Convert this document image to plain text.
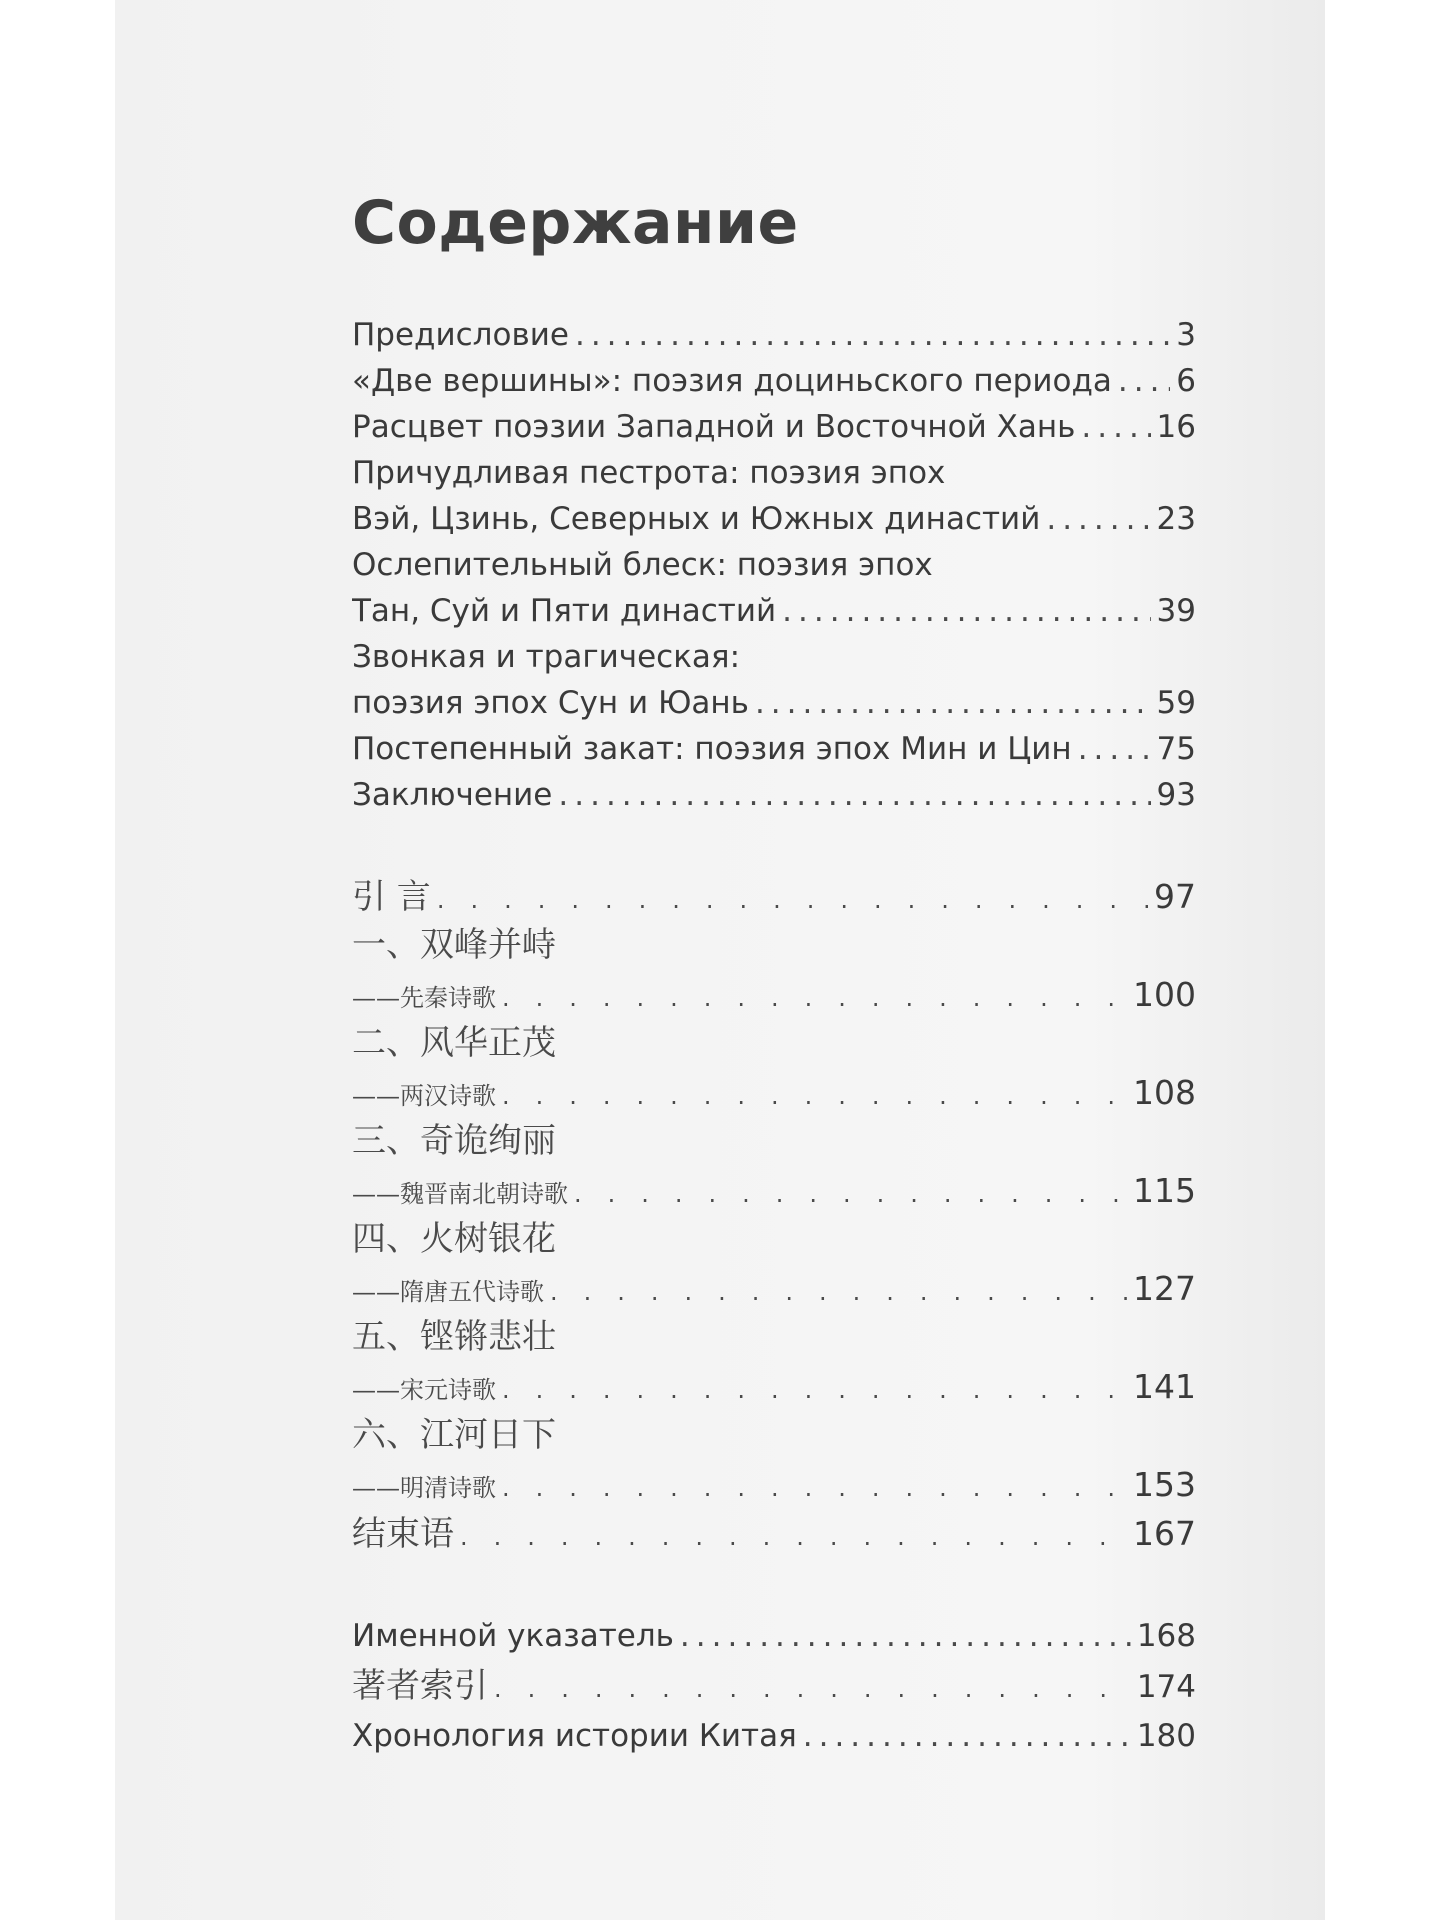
Содержание
Предисловие .....	3
«Две вершины»: поэзия доциньского периода ..... 6
Расцвет поэзии Западной и Восточной Хань .....	16
Причудливая пестрота: поэзия эпох
Вэй, Цзинь, Северных и Южных династий .....	23
Ослепительный блеск: поэзия эпох
Тан, Суй и Пяти династий .....	39
Звонкая и трагическая:
поэзия эпох Сун и Юань .....	59
Постепенный закат: поэзия эпох Мин и Цин .....	75
Заключение .....	93
引 言 .....	97
一、双峰并峙
——先秦诗歌 .....	100
二、风华正茂
——两汉诗歌 .....	108
三、奇诡绚丽
——魏晋南北朝诗歌 .....	115
四、火树银花
——隋唐五代诗歌 .....	127
五、铿锵悲壮
——宋元诗歌 .....	141
六、江河日下
——明清诗歌 .....	153
结束语 .....	167
Именной указатель .....	168
著者索引 .....	174
Хронология истории Китая .....	180
